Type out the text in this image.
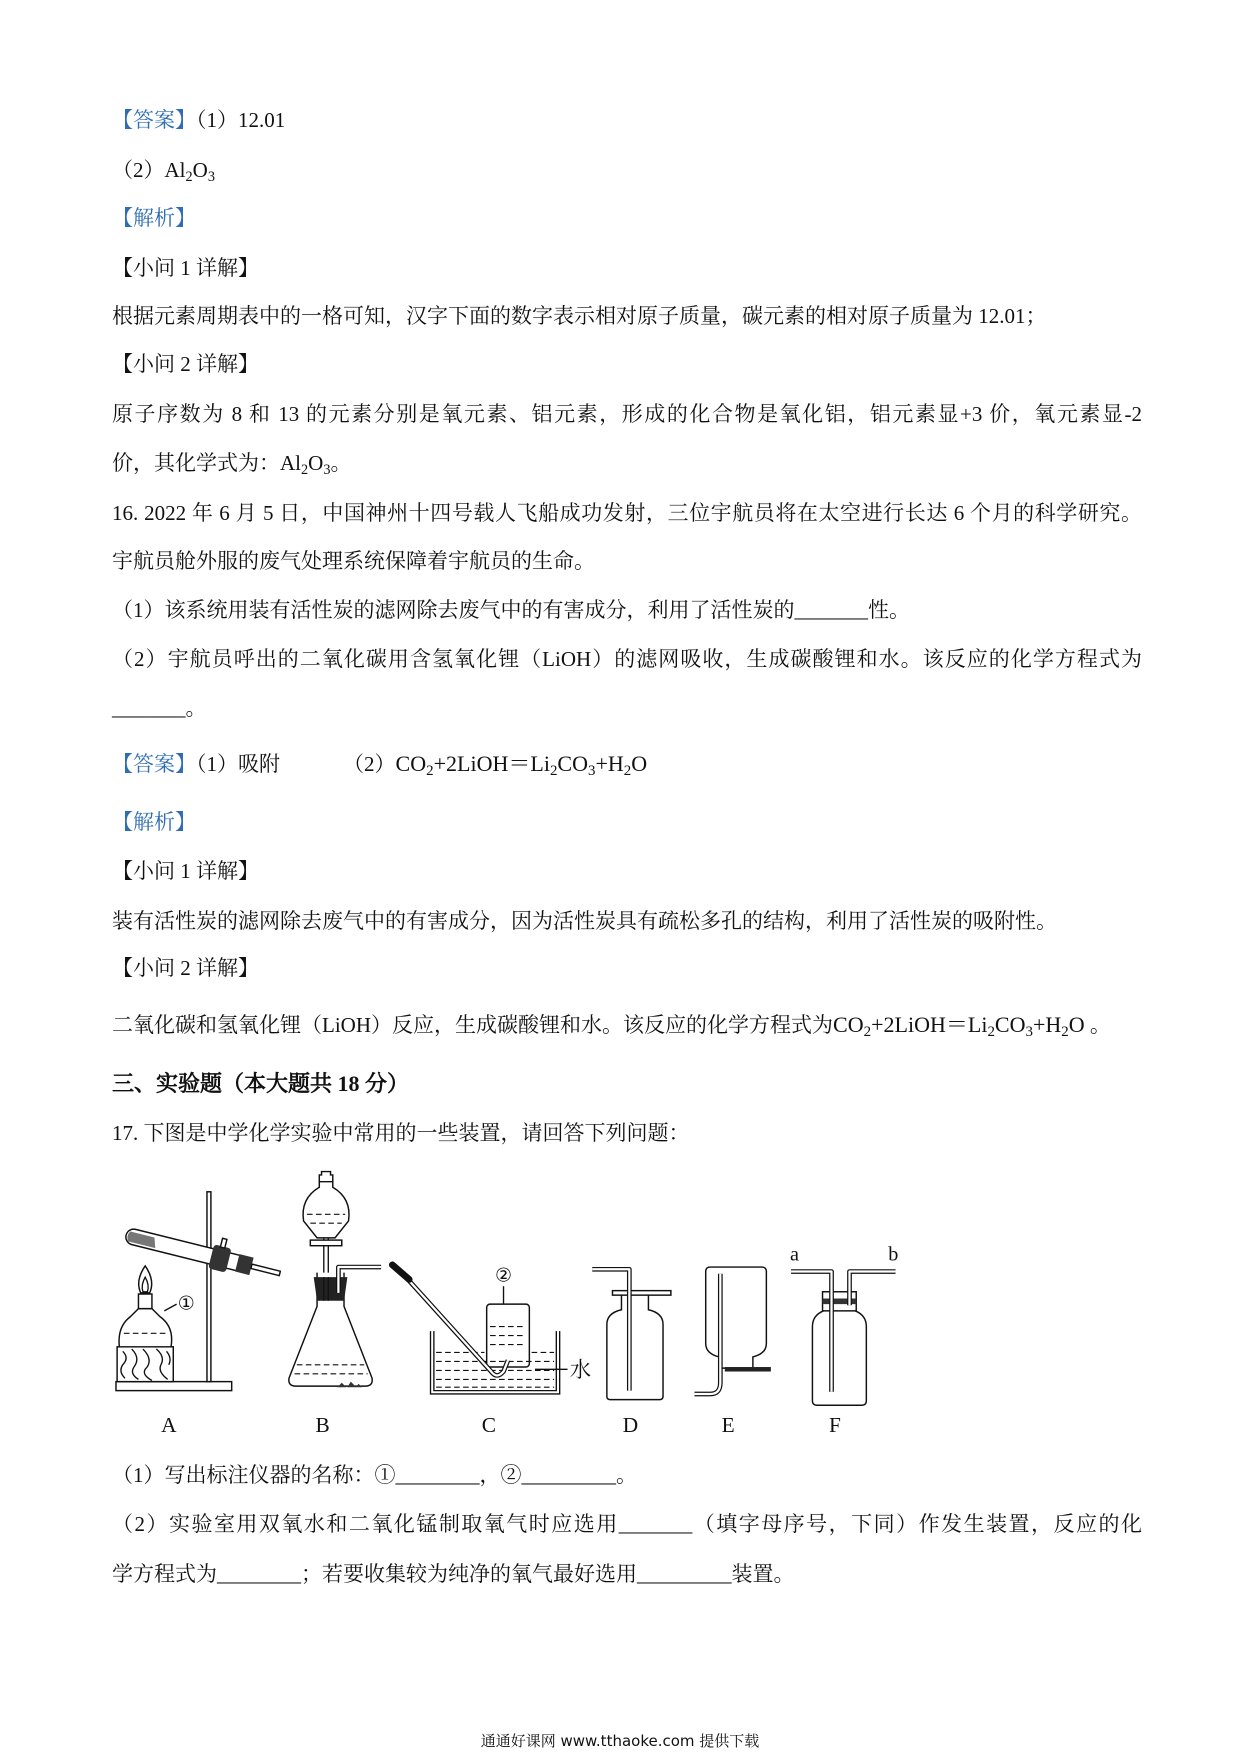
【答案】（1）12.01
$(2)Al_2O_3$
【解析】
【小问 1 详解】
根据元素周期表中的一格可知，汉字下面的数字表示相对原子质量，碳元素的相对原子质量为 12.01；
【小问 2 详解】
原子序数为 8 和 13 的元素分别是氧元素、铝元素，形成的化合物是氧化铝，铝元素显+3 价，氧元素显-2
价，其化学式为：$Al_2O_3$。
16. 2022 年 6 月 5 日，中国神州十四号载人飞船成功发射，三位宇航员将在太空进行长达 6 个月的科学研究。
宇航员舱外服的废气处理系统保障着宇航员的生命。
（1）该系统用装有活性炭的滤网除去废气中的有害成分，利用了活性炭的_______性。
（2）宇航员呼出的二氧化碳用含氢氧化锂（LiOH）的滤网吸收，生成碳酸锂和水。该反应的化学方程式为
_______。
【答案】（1）吸附	$(2)CO_2+2LiOH=Li_2CO_3+H_2O$
【解析】
【小问 1 详解】
装有活性炭的滤网除去废气中的有害成分，因为活性炭具有疏松多孔的结构，利用了活性炭的吸附性。
【小问 2 详解】
二氧化碳和氢氧化锂（LiOH）反应，生成碳酸锂和水。该反应的化学方程式为$CO_2+2LiOH=Li_2CO_3+H_2O$ 。
三、实验题（本大题共 18 分）
17. 下图是中学化学实验中常用的一些装置，请回答下列问题：
①
A	B
②
水
C	D	E
a	b
F
（1）写出标注仪器的名称：①________，②_________。
（2）实验室用双氧水和二氧化锰制取氧气时应选用_______（填字母序号，下同）作发生装置，反应的化
学方程式为________；若要收集较为纯净的氧气最好选用_________装置。
通通好课网 www.tthaoke.com 提供下载
